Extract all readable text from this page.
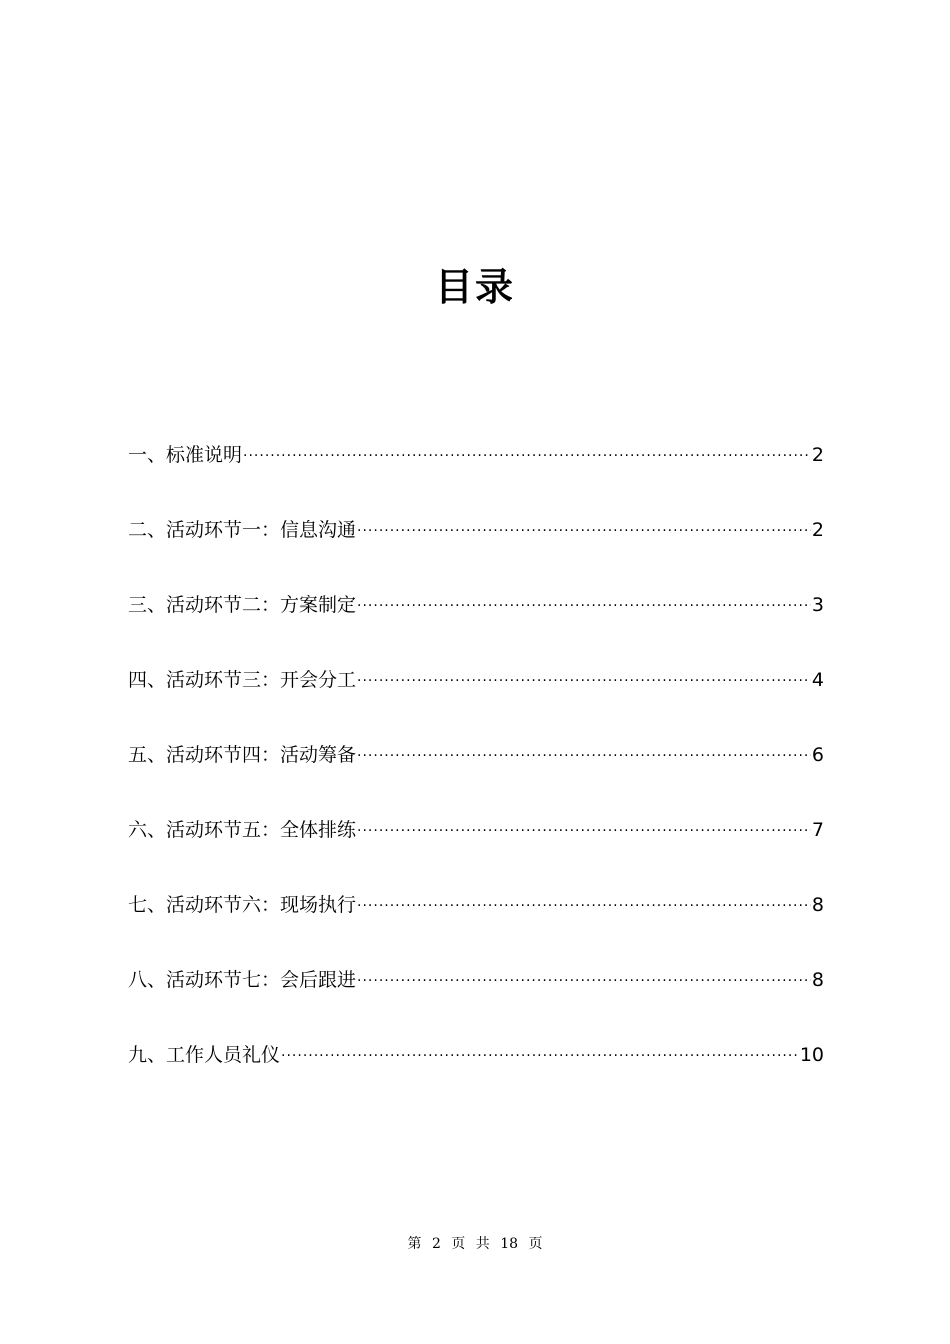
目录
一、标准说明 ·····	2
二、活动环节一：信息沟通 ·····	2
三、活动环节二：方案制定 ·····	3
四、活动环节三：开会分工 ·····	4
五、活动环节四：活动筹备 ·····	6
六、活动环节五：全体排练 ·····	7
七、活动环节六：现场执行 ·····	8
八、活动环节七：会后跟进 ·····	8
九、工作人员礼仪 ·····	10
第 2 页 共 18 页
